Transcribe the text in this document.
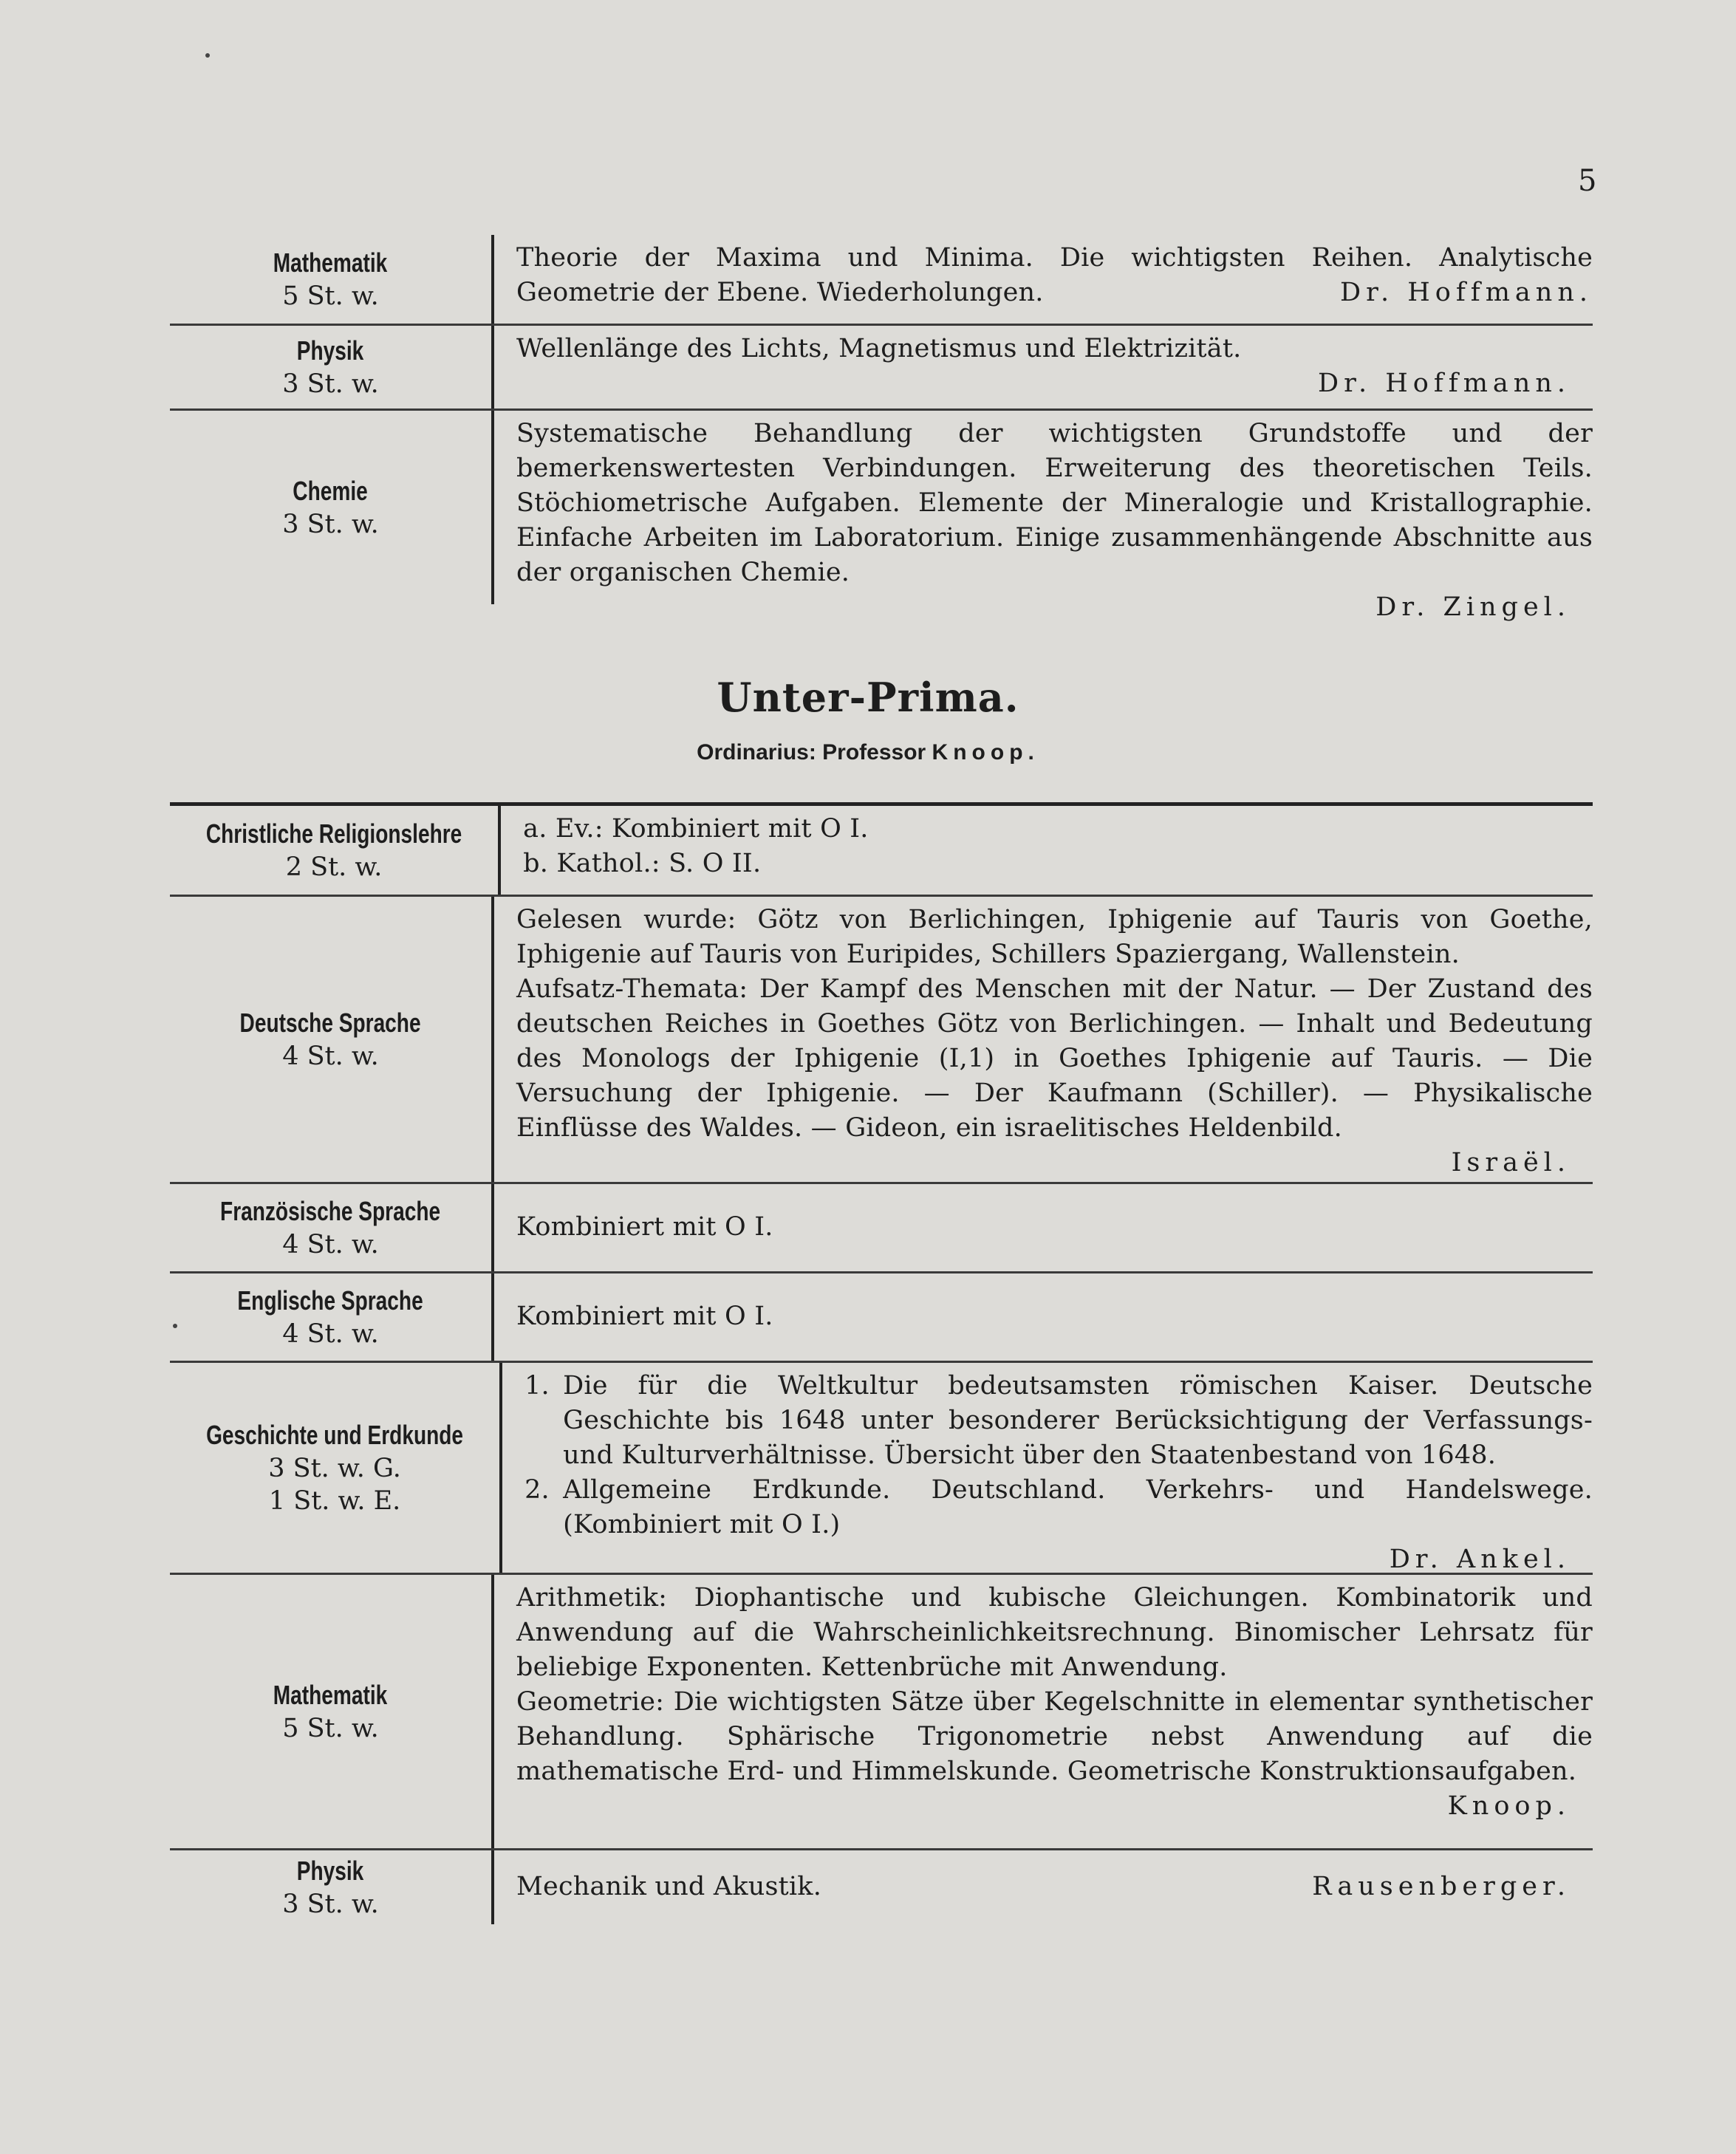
5
Mathematik
5 St. w.

Theorie der Maxima und Minima. Die wichtigsten Reihen. Analytische Geometrie der Ebene. Wiederholungen.	Dr. Hoffmann.

Physik
3 St. w.

Wellenlänge des Lichts, Magnetismus und Elektrizität.

Dr. Hoffmann.

Chemie
3 St. w.

Systematische Behandlung der wichtigsten Grundstoffe und der bemerkenswertesten Verbindungen. Erweiterung des theoretischen Teils. Stöchiometrische Aufgaben. Elemente der Mineralogie und Kristallographie. Einfache Arbeiten im Laboratorium. Einige zusammenhängende Abschnitte aus der organischen Chemie.

Dr. Zingel.

Unter-Prima.
Ordinarius: Professor Knoop.
Christliche Religionslehre
2 St. w.

a. Ev.: Kombiniert mit O I.

b. Kathol.: S. O II.

Deutsche Sprache
4 St. w.

Gelesen wurde: Götz von Berlichingen, Iphigenie auf Tauris von Goethe, Iphigenie auf Tauris von Euripides, Schillers Spaziergang, Wallenstein.

Aufsatz-Themata: Der Kampf des Menschen mit der Natur. — Der Zustand des deutschen Reiches in Goethes Götz von Berlichingen. — Inhalt und Bedeutung des Monologs der Iphigenie (I,1) in Goethes Iphigenie auf Tauris. — Die Versuchung der Iphigenie. — Der Kaufmann (Schiller). — Physikalische Einflüsse des Waldes. — Gideon, ein israelitisches Heldenbild.

Israël.

Französische Sprache
4 St. w.

Kombiniert mit O I.

Englische Sprache
4 St. w.

Kombiniert mit O I.

Geschichte und Erdkunde
3 St. w. G.
1 St. w. E.
1. Die für die Weltkultur bedeutsamsten römischen Kaiser. Deutsche Geschichte bis 1648 unter besonderer Berücksichtigung der Verfassungs- und Kulturverhältnisse. Übersicht über den Staatenbestand von 1648.
2. Allgemeine Erdkunde. Deutschland. Verkehrs- und Handelswege. (Kombiniert mit O I.)

Dr. Ankel.

Mathematik
5 St. w.

Arithmetik: Diophantische und kubische Gleichungen. Kombinatorik und Anwendung auf die Wahrscheinlichkeitsrechnung. Binomischer Lehrsatz für beliebige Exponenten. Kettenbrüche mit Anwendung.

Geometrie: Die wichtigsten Sätze über Kegelschnitte in elementar synthetischer Behandlung. Sphärische Trigonometrie nebst Anwendung auf die mathematische Erd- und Himmelskunde. Geometrische Konstruktionsaufgaben.

Knoop.

Physik
3 St. w.

Mechanik und Akustik.	Rausenberger.
